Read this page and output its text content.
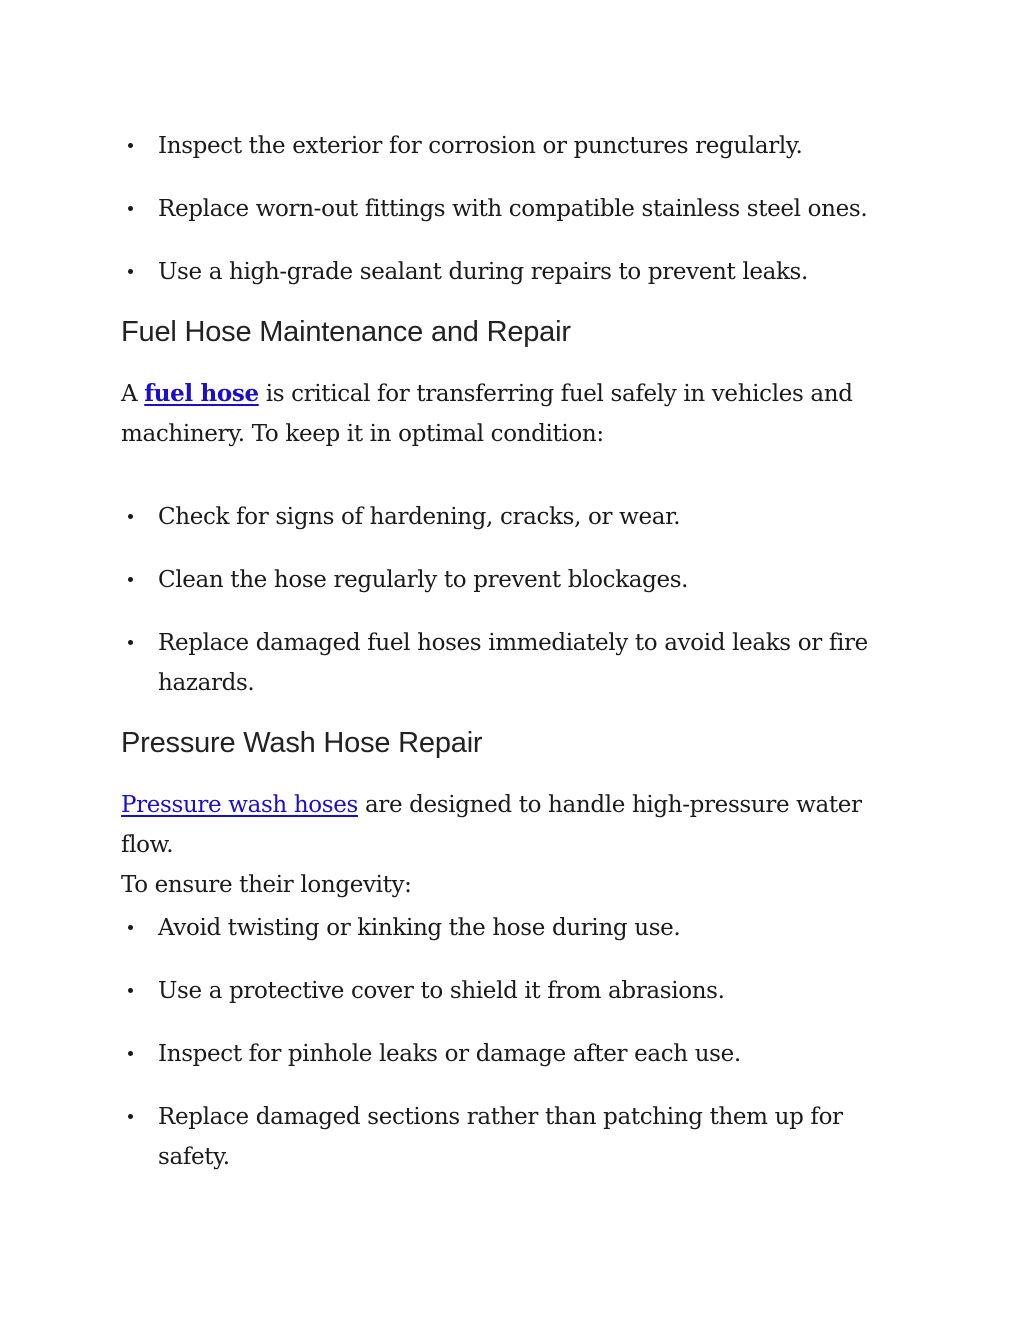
Inspect the exterior for corrosion or punctures regularly.
Replace worn-out fittings with compatible stainless steel ones.
Use a high-grade sealant during repairs to prevent leaks.
Fuel Hose Maintenance and Repair

A fuel hose is critical for transferring fuel safely in vehicles and
machinery. To keep it in optimal condition:

Check for signs of hardening, cracks, or wear.
Clean the hose regularly to prevent blockages.
Replace damaged fuel hoses immediately to avoid leaks or fire
hazards.
Pressure Wash Hose Repair

Pressure wash hoses are designed to handle high-pressure water flow.
To ensure their longevity:

Avoid twisting or kinking the hose during use.
Use a protective cover to shield it from abrasions.
Inspect for pinhole leaks or damage after each use.
Replace damaged sections rather than patching them up for safety.
